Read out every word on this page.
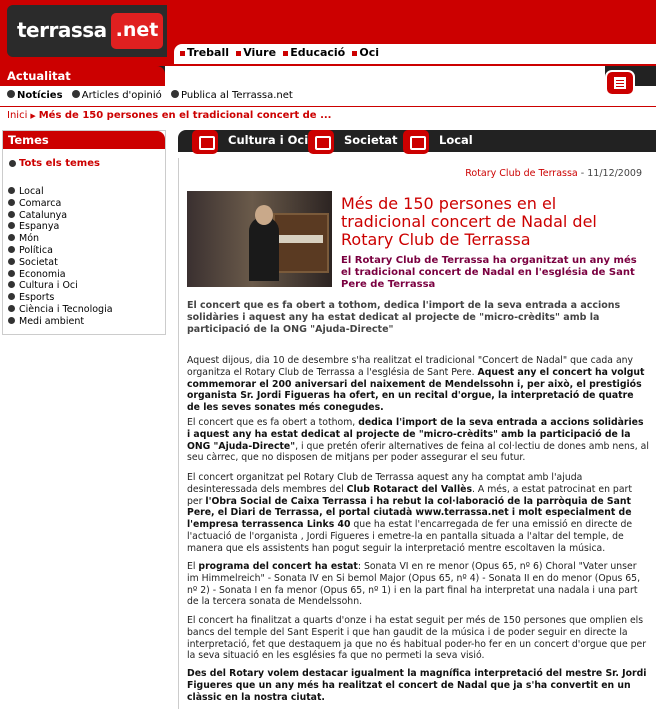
terrassa .net
Treball Viure Educació Oci
Actualitat
Notícies Articles d'opinió Publica al Terrassa.net
Inici ▶ Més de 150 persones en el tradicional concert de ...
Temes
Tots els temes
Local
Comarca
Catalunya
Espanya
Món
Política
Societat
Economia
Cultura i Oci
Esports
Ciència i Tecnologia
Medi ambient
Cultura i Oci	Societat	Local
Rotary Club de Terrassa - 11/12/2009
Més de 150 persones en el tradicional concert de Nadal del Rotary Club de Terrassa
El Rotary Club de Terrassa ha organitzat un any més el tradicional concert de Nadal en l'església de Sant Pere de Terrassa
El concert que es fa obert a tothom, dedica l'import de la seva entrada a accions solidàries i aquest any ha estat dedicat al projecte de "micro-crèdits" amb la participació de la ONG "Ajuda-Directe"

Aquest dijous, dia 10 de desembre s'ha realitzat el tradicional "Concert de Nadal" que cada any organitza el Rotary Club de Terrassa a l'església de Sant Pere. Aquest any el concert ha volgut commemorar el 200 aniversari del naixement de Mendelssohn i, per això, el prestigiós organista Sr. Jordi Figueras ha ofert, en un recital d'orgue, la interpretació de quatre de les seves sonates més conegudes.

El concert que es fa obert a tothom, dedica l'import de la seva entrada a accions solidàries i aquest any ha estat dedicat al projecte de "micro-crèdits" amb la participació de la ONG "Ajuda-Directe", i que pretén oferir alternatives de feina al col·lectiu de dones amb nens, al seu càrrec, que no disposen de mitjans per poder assegurar el seu futur.

El concert organitzat pel Rotary Club de Terrassa aquest any ha comptat amb l'ajuda desinteressada dels membres del Club Rotaract del Vallès. A més, a estat patrocinat en part per l'Obra Social de Caixa Terrassa i ha rebut la col·laboració de la parròquia de Sant Pere, el Diari de Terrassa, el portal ciutadà www.terrassa.net i molt especialment de l'empresa terrassenca Links 40 que ha estat l'encarregada de fer una emissió en directe de l'actuació de l'organista , Jordi Figueres i emetre-la en pantalla situada a l'altar del temple, de manera que els assistents han pogut seguir la interpretació mentre escoltaven la música.

El programa del concert ha estat: Sonata VI en re menor (Opus 65, nº 6) Choral "Vater unser im Himmelreich" - Sonata IV en Si bemol Major (Opus 65, nº 4) - Sonata II en do menor (Opus 65, nº 2) - Sonata I en fa menor (Opus 65, nº 1) i en la part final ha interpretat una nadala i una part de la tercera sonata de Mendelssohn.

El concert ha finalitzat a quarts d'onze i ha estat seguit per més de 150 persones que omplien els bancs del temple del Sant Esperit i que han gaudit de la música i de poder seguir en directe la interpretació, fet que destaquem ja que no és habitual poder-ho fer en un concert d'orgue que per la seva situació en les esglésies fa que no permeti la seva visió.

Des del Rotary volem destacar igualment la magnífica interpretació del mestre Sr. Jordi Figueres que un any més ha realitzat el concert de Nadal que ja s'ha convertit en un clàssic en la nostra ciutat.
